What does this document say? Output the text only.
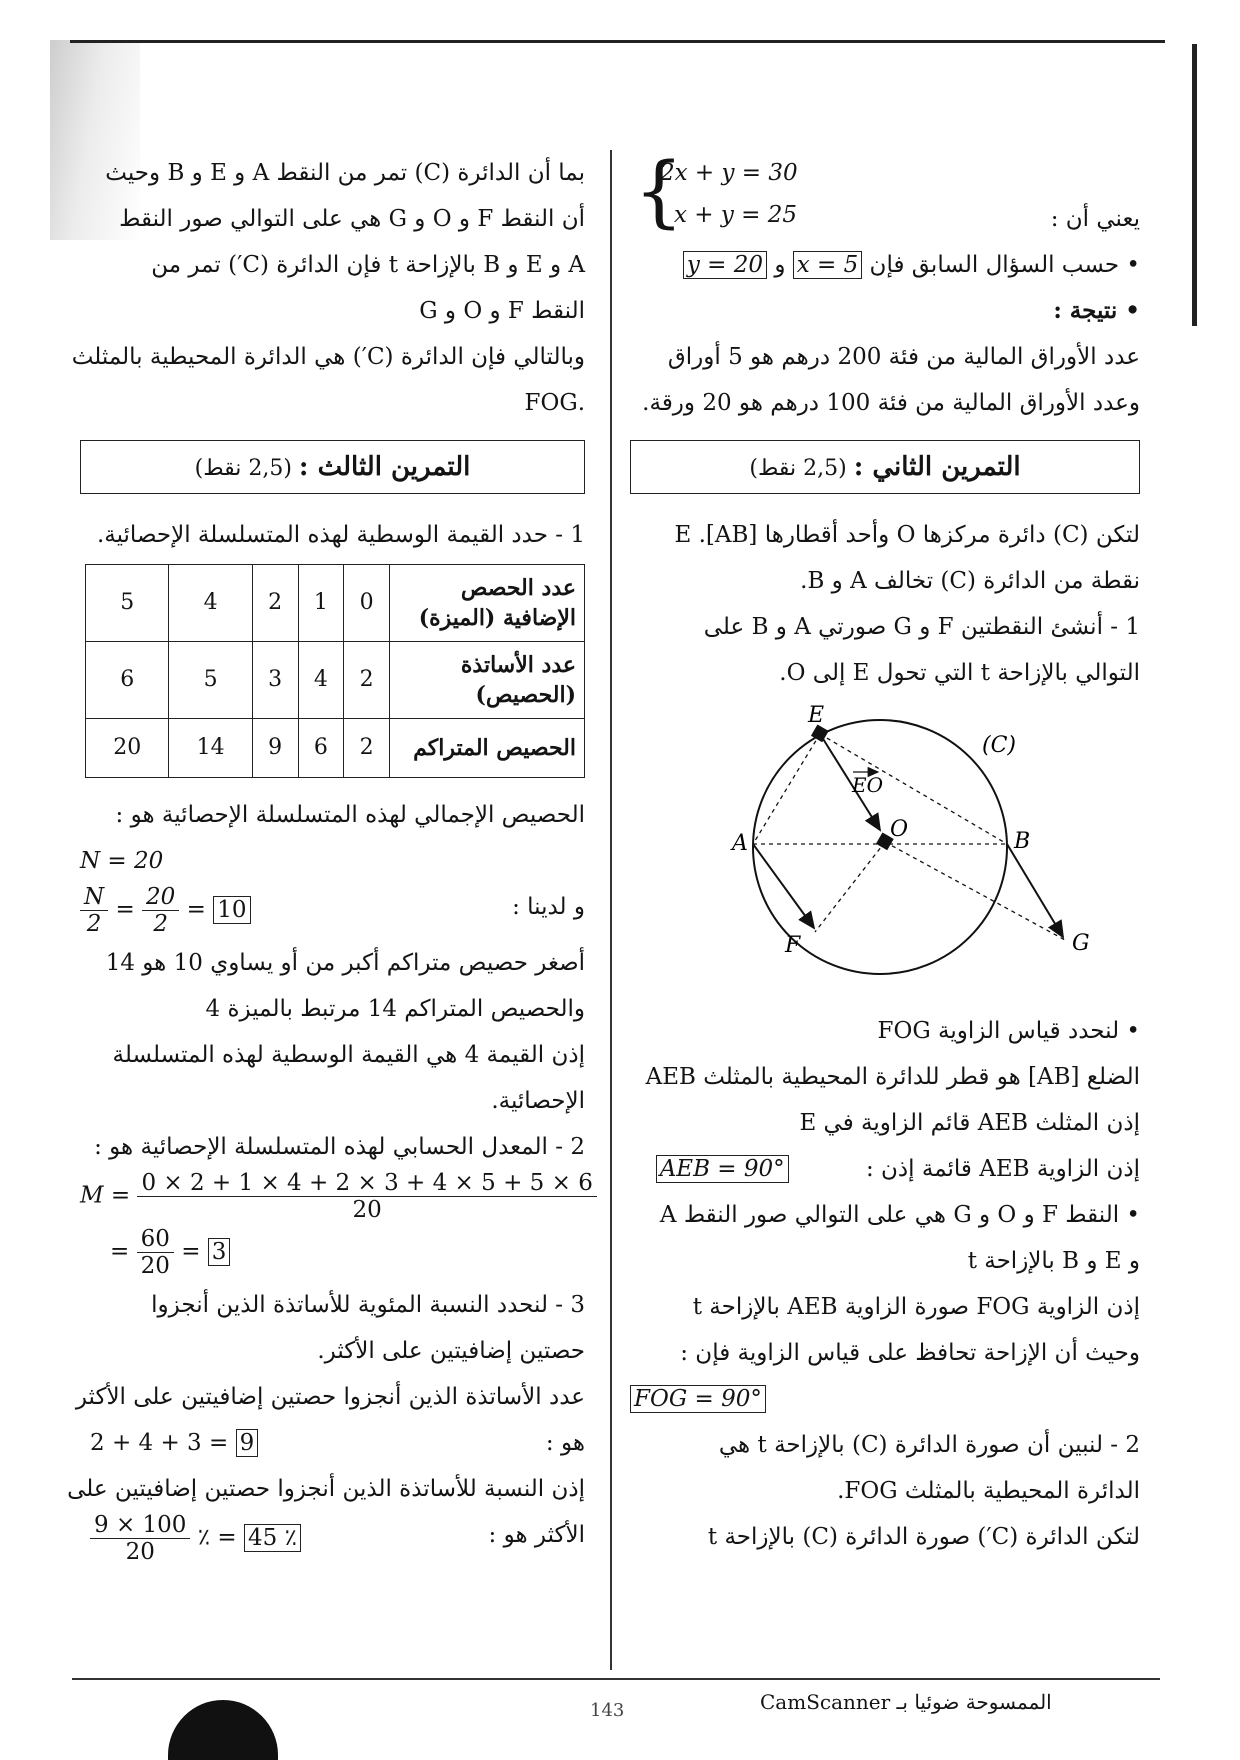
{
2x + y = 30
x + y = 25	يعني أن :
• حسب السؤال السابق فإن x = 5 و y = 20
• نتيجة :
عدد الأوراق المالية من فئة 200 درهم هو 5 أوراق
وعدد الأوراق المالية من فئة 100 درهم هو 20 ورقة.
التمرين الثاني : (2,5 نقط)
لتكن (C) دائرة مركزها O وأحد أقطارها [AB]. E
نقطة من الدائرة (C) تخالف A و B.
1 - أنشئ النقطتين F و G صورتي A و B على
التوالي بالإزاحة t التي تحول E إلى O.
E
A	B
O
F	G
(C)
EO
• لنحدد قياس الزاوية FOG
الضلع [AB] هو قطر للدائرة المحيطية بالمثلث AEB
إذن المثلث AEB قائم الزاوية في E
إذن الزاوية AEB قائمة إذن : AEB = 90°
• النقط F و O و G هي على التوالي صور النقط A
و E و B بالإزاحة t
إذن الزاوية FOG صورة الزاوية AEB بالإزاحة t
وحيث أن الإزاحة تحافظ على قياس الزاوية فإن :
FOG = 90°
2 - لنبين أن صورة الدائرة (C) بالإزاحة t هي
الدائرة المحيطية بالمثلث FOG.
لتكن الدائرة (C′) صورة الدائرة (C) بالإزاحة t
بما أن الدائرة (C) تمر من النقط A و E و B وحيث
أن النقط F و O و G هي على التوالي صور النقط
A و E و B بالإزاحة t فإن الدائرة (C′) تمر من
النقط F و O و G
وبالتالي فإن الدائرة (C′) هي الدائرة المحيطية بالمثلث
.FOG
التمرين الثالث : (2,5 نقط)
1 - حدد القيمة الوسطية لهذه المتسلسلة الإحصائية.
عدد الحصص الإضافية (الميزة)	0	1	2	4	5
عدد الأساتذة (الحصيص)	2	4	3	5	6
الحصيص المتراكم	2	6	9	14	20
الحصيص الإجمالي لهذه المتسلسلة الإحصائية هو :
N = 20
و لدينا :
$\frac{N}{2} = \frac{20}{2} = 10$
أصغر حصيص متراكم أكبر من أو يساوي 10 هو 14
والحصيص المتراكم 14 مرتبط بالميزة 4
إذن القيمة 4 هي القيمة الوسطية لهذه المتسلسلة
الإحصائية.
2 - المعدل الحسابي لهذه المتسلسلة الإحصائية هو :
$M = \frac{0 \times 2 + 1 \times 4 + 2 \times 3 + 4 \times 5 + 5 \times 6}{20}$
= $\frac{60}{20} = 3$
3 - لنحدد النسبة المئوية للأساتذة الذين أنجزوا
حصتين إضافيتين على الأكثر.
عدد الأساتذة الذين أنجزوا حصتين إضافيتين على الأكثر
هو :
2 + 4 + 3 = 9
إذن النسبة للأساتذة الذين أنجزوا حصتين إضافيتين على
الأكثر هو :
$\frac{9 \times 100}{20}$ ٪ = 45 ٪
143	الممسوحة ضوئيا بـ CamScanner
